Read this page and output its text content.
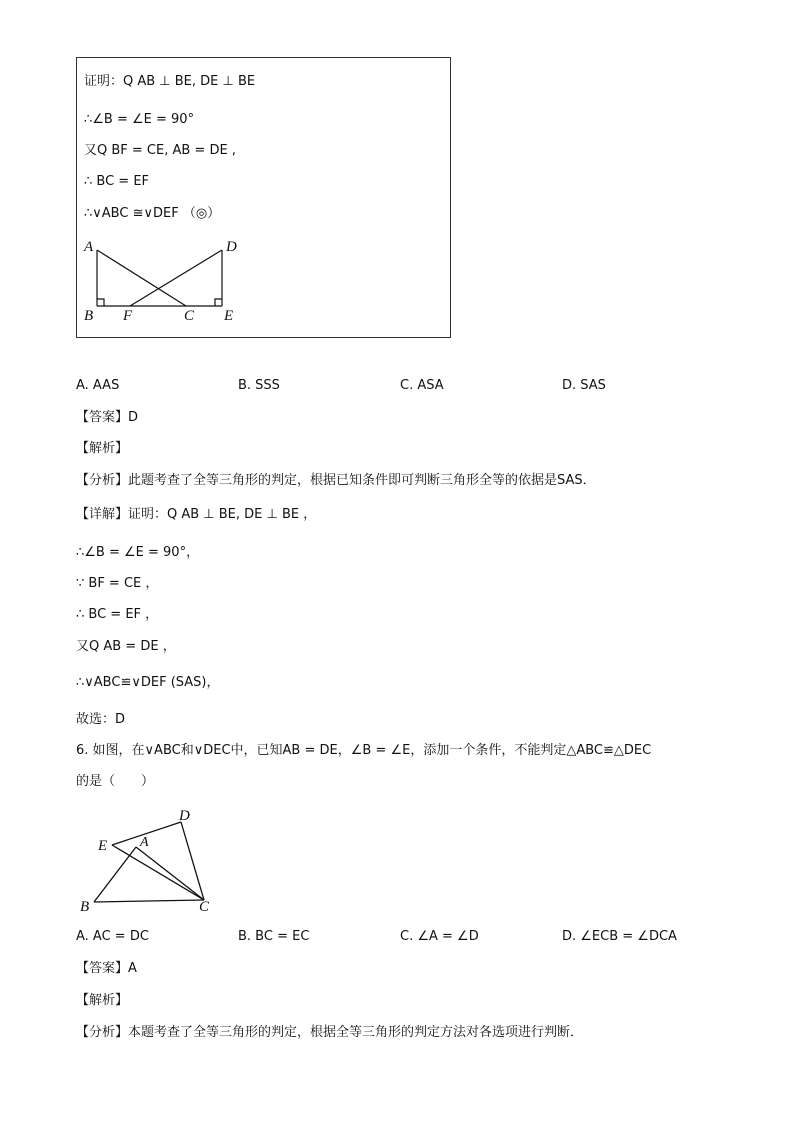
证明：Q AB ⊥ BE, DE ⊥ BE
∴∠B = ∠E = 90°
又Q BF = CE, AB = DE ,
∴ BC = EF
∴∨ABC ≅∨DEF （◎）
A	D
B F	C E
A. AAS	B. SSS	C. ASA	D. SAS
【答案】D
【解析】
【分析】此题考查了全等三角形的判定，根据已知条件即可判断三角形全等的依据是SAS．
【详解】证明：Q AB ⊥ BE, DE ⊥ BE ，
∴∠B = ∠E = 90°，
∵ BF = CE ，
∴ BC = EF ，
又Q AB = DE ，
∴∨ABC≌∨DEF (SAS)，
故选：D
6. 如图，在∨ABC和∨DEC中，已知AB = DE，∠B = ∠E，添加一个条件，不能判定△ABC≌△DEC
的是（　　）
D
E A
B	C
A. AC = DC	B. BC = EC	C. ∠A = ∠D	D. ∠ECB = ∠DCA
【答案】A
【解析】
【分析】本题考查了全等三角形的判定，根据全等三角形的判定方法对各选项进行判断．
